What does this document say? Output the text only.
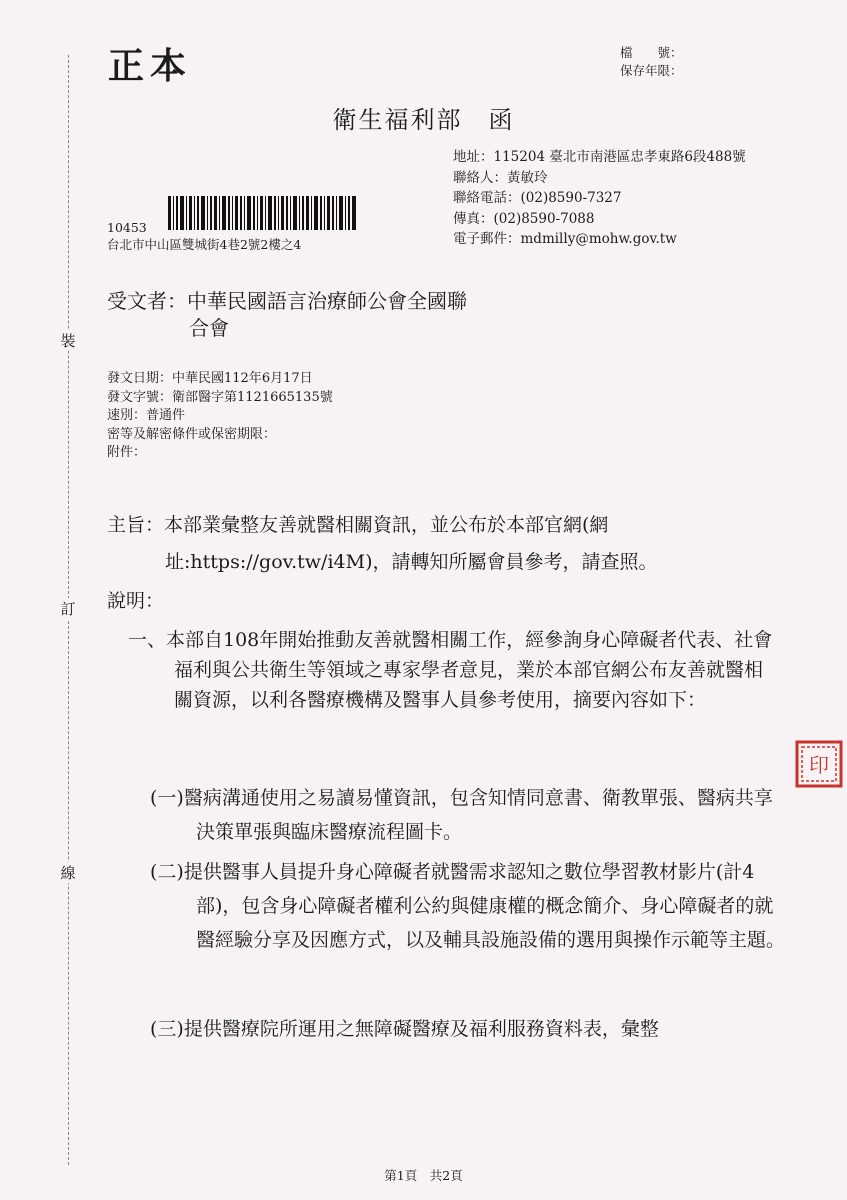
裝
訂
線
正本	檔　　號：
保存年限：
衛生福利部　函
地址：115204 臺北市南港區忠孝東路6段488號
聯絡人：黃敏玲
聯絡電話：(02)8590-7327
傳真：(02)8590-7088
電子郵件：mdmilly@mohw.gov.tw
10453
台北市中山區雙城街4巷2號2樓之4
受文者：中華民國語言治療師公會全國聯
合會
發文日期：中華民國112年6月17日
發文字號：衛部醫字第1121665135號
速別：普通件
密等及解密條件或保密期限：
附件：
主旨：本部業彙整友善就醫相關資訊，並公布於本部官網(網
址:https://gov.tw/i4M)，請轉知所屬會員參考，請查照。
說明：
一、本部自108年開始推動友善就醫相關工作，經參詢身心障礙者代表、社會福利與公共衛生等領域之專家學者意見，業於本部官網公布友善就醫相關資源，以利各醫療機構及醫事人員參考使用，摘要內容如下：
(一)醫病溝通使用之易讀易懂資訊，包含知情同意書、衛教單張、醫病共享決策單張與臨床醫療流程圖卡。
(二)提供醫事人員提升身心障礙者就醫需求認知之數位學習教材影片(計4部)，包含身心障礙者權利公約與健康權的概念簡介、身心障礙者的就醫經驗分享及因應方式，以及輔具設施設備的選用與操作示範等主題。
(三)提供醫療院所運用之無障礙醫療及福利服務資料表，彙整
印
第1頁　共2頁
